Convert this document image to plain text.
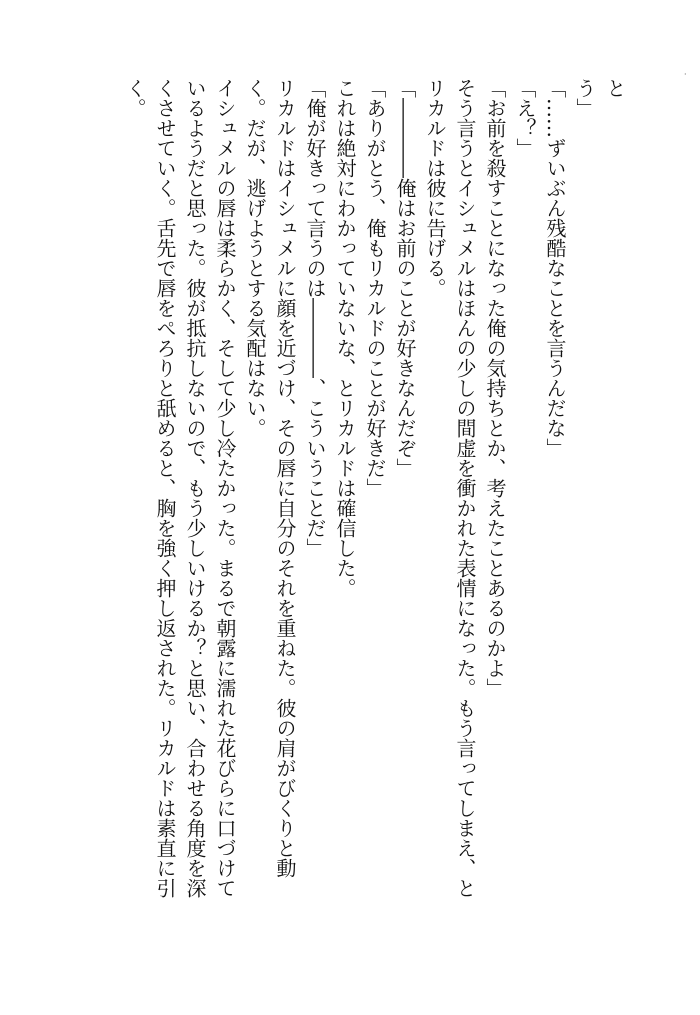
·
と
う」
「……ずいぶん残酷なことを言うんだな」
「え？」
「お前を殺すことになった俺の気持ちとか、考えたことあるのかよ」
そう言うとイシュメルはほんの少しの間虚を衝かれた表情になった。もう言ってしまえ、と
リカルドは彼に告げる。
「――――俺はお前のことが好きなんだぞ」
「ありがとう、俺もリカルドのことが好きだ」
これは絶対にわかっていないな、とリカルドは確信した。
「俺が好きって言うのは――――、こういうことだ」
リカルドはイシュメルに顔を近づけ、その唇に自分のそれを重ねた。彼の肩がびくりと動
く。だが、逃げようとする気配はない。
イシュメルの唇は柔らかく、そして少し冷たかった。まるで朝露に濡れた花びらに口づけて
いるようだと思った。彼が抵抗しないので、もう少しいけるか？と思い、合わせる角度を深
くさせていく。舌先で唇をぺろりと舐めると、胸を強く押し返された。リカルドは素直に引
く。
